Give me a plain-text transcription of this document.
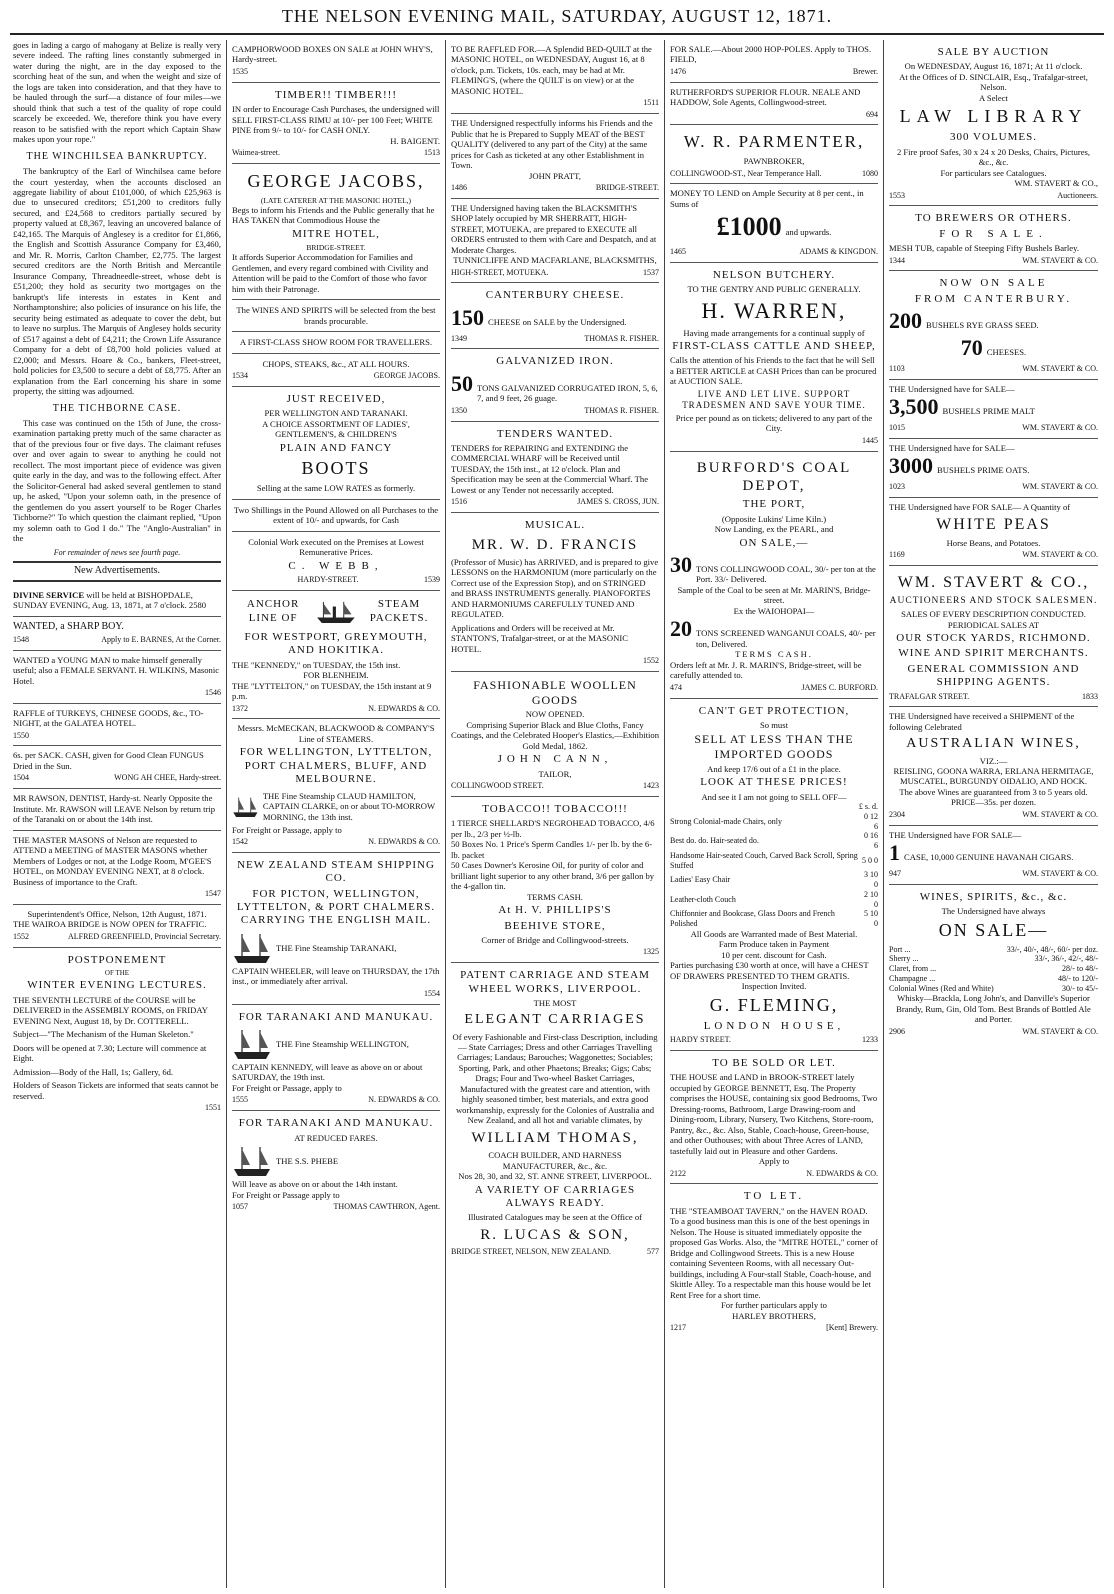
THE NELSON EVENING MAIL, SATURDAY, AUGUST 12, 1871.

goes in lading a cargo of mahogany at Belize is really very severe indeed. The rafting lines constantly submerged in water during the night, are in the day exposed to the scorching heat of the sun, and when the weight and size of the logs are taken into consideration, and that they have to be hauled through the surf—a distance of four miles—we should think that such a test of the quality of rope could scarcely be exceeded. We, therefore think you have every reason to be satisfied with the report which Captain Shaw makes upon your rope."

THE WINCHILSEA BANKRUPTCY.

The bankruptcy of the Earl of Winchilsea came before the court yesterday, when the accounts disclosed an aggregate liability of about £101,000, of which £25,963 is due to unsecured creditors; £51,200 to creditors fully secured, and £24,568 to creditors partially secured by property valued at £8,367, leaving an uncovered balance of £42,165. The Marquis of Anglesey is a creditor for £1,866, the English and Scottish Assurance Company for £3,460, and Mr. R. Morris, Carlton Chamber, £2,775. The largest secured creditors are the North British and Mercantile Insurance Company, Threadneedle-street, whose debt is £51,200; they hold as security two mortgages on the bankrupt's life interests in estates in Kent and Northamptonshire; also policies of insurance on his life, the security being estimated as adequate to cover the debt, but to leave no surplus. The Marquis of Anglesey holds security of £517 against a debt of £4,211; the Crown Life Assurance Company for a debt of £8,700 hold policies valued at £2,000; and Messrs. Hoare & Co., bankers, Fleet-street, hold policies for £3,500 to secure a debt of £8,775. After an explanation from the Earl concerning his share in some property, the sitting was adjourned.

THE TICHBORNE CASE.

This case was continued on the 15th of June, the cross-examination partaking pretty much of the same character as that of the previous four or five days. The claimant refuses over and over again to swear to anything he could not recollect. The most important piece of evidence was given quite early in the day, and was to the following effect. After the Solicitor-General had asked several gentlemen to stand up, he asked, "Upon your solemn oath, in the presence of the gentlemen do you assert yourself to be Roger Charles Tichborne?" To which question the claimant replied, "Upon my solemn oath to God I do." The "Anglo-Australian" in the

For remainder of news see fourth page.
New Advertisements.

DIVINE SERVICE will be held at BISHOPDALE, SUNDAY EVENING, Aug. 13, 1871, at 7 o'clock. 2580

WANTED, a SHARP BOY.

1548	Apply to E. BARNES, At the Corner.

WANTED a YOUNG MAN to make himself generally useful; also a FEMALE SERVANT. H. WILKINS, Masonic Hotel.

1546

RAFFLE of TURKEYS, CHINESE GOODS, &c., TO-NIGHT, at the GALATEA HOTEL.

1550

6s. per SACK. CASH, given for Good Clean FUNGUS Dried in the Sun.

1504	WONG AH CHEE, Hardy-street.

MR RAWSON, DENTIST, Hardy-st. Nearly Opposite the Institute. Mr. RAWSON will LEAVE Nelson by return trip of the Taranaki on or about the 14th inst.

THE MASTER MASONS of Nelson are requested to ATTEND a MEETING of MASTER MASONS whether Members of Lodges or not, at the Lodge Room, M'GEE'S HOTEL, on MONDAY EVENING NEXT, at 8 o'clock. Business of importance to the Craft.

1547

Superintendent's Office, Nelson, 12th August, 1871.

THE WAIROA BRIDGE is NOW OPEN for TRAFFIC.

1552	ALFRED GREENFIELD, Provincial Secretary.
POSTPONEMENT
OF THE
WINTER EVENING LECTURES.

THE SEVENTH LECTURE of the COURSE will be DELIVERED in the ASSEMBLY ROOMS, on FRIDAY EVENING Next, August 18, by Dr. COTTERELL.

Subject—"The Mechanism of the Human Skeleton."

Doors will be opened at 7.30; Lecture will commence at Eight.

Admission—Body of the Hall, 1s; Gallery, 6d.

Holders of Season Tickets are informed that seats cannot be reserved.

1551

CAMPHORWOOD BOXES ON SALE at JOHN WHY'S, Hardy-street.

1535
TIMBER!! TIMBER!!!

IN order to Encourage Cash Purchases, the undersigned will SELL FIRST-CLASS RIMU at 10/- per 100 Feet; WHITE PINE from 9/- to 10/- for CASH ONLY.

H. BAIGENT.

Waimea-street.	1513
GEORGE JACOBS,
(LATE CATERER AT THE MASONIC HOTEL,)

Begs to inform his Friends and the Public generally that he HAS TAKEN that Commodious House the

MITRE HOTEL,
BRIDGE-STREET.

It affords Superior Accommodation for Families and Gentlemen, and every regard combined with Civility and Attention will be paid to the Comfort of those who favor him with their Patronage.

The WINES AND SPIRITS will be selected from the best brands procurable.

A FIRST-CLASS SHOW ROOM FOR TRAVELLERS.

CHOPS, STEAKS, &c., AT ALL HOURS.

1534	GEORGE JACOBS.
JUST RECEIVED,
PER WELLINGTON AND TARANAKI.

A CHOICE ASSORTMENT OF LADIES', GENTLEMEN'S, & CHILDREN'S

PLAIN AND FANCY
BOOTS

Selling at the same LOW RATES as formerly.

Two Shillings in the Pound Allowed on all Purchases to the extent of 10/- and upwards, for Cash

Colonial Work executed on the Premises at Lowest Remunerative Prices.

C. WEBB,
HARDY-STREET.	1539
ANCHOR LINE OF
STEAM PACKETS.
FOR WESTPORT, GREYMOUTH, AND HOKITIKA.

THE "KENNEDY," on TUESDAY, the 15th inst.

FOR BLENHEIM.

THE "LYTTELTON," on TUESDAY, the 15th instant at 9 p.m.

1372	N. EDWARDS & CO.

Messrs. McMECKAN, BLACKWOOD & COMPANY'S Line of STEAMERS.

FOR WELLINGTON, LYTTELTON, PORT CHALMERS, BLUFF, AND MELBOURNE.

THE Fine Steamship CLAUD HAMILTON,

CAPTAIN CLARKE, on or about TO-MORROW MORNING, the 13th inst.

For Freight or Passage, apply to

1542	N. EDWARDS & CO.
NEW ZEALAND STEAM SHIPPING CO.
FOR PICTON, WELLINGTON, LYTTELTON, & PORT CHALMERS. CARRYING THE ENGLISH MAIL.

THE Fine Steamship TARANAKI,

CAPTAIN WHEELER, will leave on THURSDAY, the 17th inst., or immediately after arrival.

1554
FOR TARANAKI AND MANUKAU.

THE Fine Steamship WELLINGTON,

CAPTAIN KENNEDY, will leave as above on or about SATURDAY, the 19th inst.

For Freight or Passage, apply to

1555	N. EDWARDS & CO.
FOR TARANAKI AND MANUKAU.
AT REDUCED FARES.

THE S.S. PHEBE

Will leave as above on or about the 14th instant.

For Freight or Passage apply to

1057	THOMAS CAWTHRON, Agent.

TO BE RAFFLED FOR.—A Splendid BED-QUILT at the MASONIC HOTEL, on WEDNESDAY, August 16, at 8 o'clock, p.m. Tickets, 10s. each, may be had at Mr. FLEMING'S, (where the QUILT is on view) or at the MASONIC HOTEL.

1511

THE Undersigned respectfully informs his Friends and the Public that he is Prepared to Supply MEAT of the BEST QUALITY (delivered to any part of the City) at the same prices for Cash as ticketed at any other Establishment in Town.

JOHN PRATT,

1486	BRIDGE-STREET.

THE Undersigned having taken the BLACKSMITH'S SHOP lately occupied by MR SHERRATT, HIGH-STREET, MOTUEKA, are prepared to EXECUTE all ORDERS entrusted to them with Care and Despatch, and at Moderate Charges.

TUNNICLIFFE AND MACFARLANE, BLACKSMITHS,

HIGH-STREET, MOTUEKA.	1537
CANTERBURY CHEESE.
150 CHEESE on SALE by the Undersigned.
1349	THOMAS R. FISHER.
GALVANIZED IRON.
50 TONS GALVANIZED CORRUGATED IRON, 5, 6, 7, and 9 feet, 26 guage.
1350	THOMAS R. FISHER.
TENDERS WANTED.

TENDERS for REPAIRING and EXTENDING the COMMERCIAL WHARF will be Received until TUESDAY, the 15th inst., at 12 o'clock. Plan and Specification may be seen at the Commercial Wharf. The Lowest or any Tender not necessarily accepted.

1516	JAMES S. CROSS, JUN.
MUSICAL.
MR. W. D. FRANCIS

(Professor of Music) has ARRIVED, and is prepared to give LESSONS on the HARMONIUM (more particularly on the Correct use of the Expression Stop), and on STRINGED and BRASS INSTRUMENTS generally. PIANOFORTES AND HARMONIUMS CAREFULLY TUNED AND REGULATED.

Applications and Orders will be received at Mr. STANTON'S, Trafalgar-street, or at the MASONIC HOTEL.

1552
FASHIONABLE WOOLLEN GOODS
NOW OPENED.

Comprising Superior Black and Blue Cloths, Fancy Coatings, and the Celebrated Hooper's Elastics,—Exhibition Gold Medal, 1862.

JOHN CANN,
TAILOR,
COLLINGWOOD STREET.	1423
TOBACCO!! TOBACCO!!!

1 TIERCE SHELLARD'S NEGROHEAD TOBACCO, 4/6 per lb., 2/3 per ½-lb.

50 Boxes No. 1 Price's Sperm Candles 1/- per lb. by the 6-lb. packet

50 Cases Downer's Kerosine Oil, for purity of color and brilliant light superior to any other brand, 3/6 per gallon by the 4-gallon tin.

TERMS CASH.
At H. V. PHILLIPS'S
BEEHIVE STORE,

Corner of Bridge and Collingwood-streets.

1325
PATENT CARRIAGE AND STEAM WHEEL WORKS, LIVERPOOL.
THE MOST
ELEGANT CARRIAGES

Of every Fashionable and First-class Description, including— State Carriages; Dress and other Carriages Travelling Carriages; Landaus; Barouches; Waggonettes; Sociables; Sporting, Park, and other Phaetons; Breaks; Gigs; Cabs; Drags; Four and Two-wheel Basket Carriages, Manufactured with the greatest care and attention, with highly seasoned timber, best materials, and extra good workmanship, expressly for the Colonies of Australia and New Zealand, and all hot and variable climates, by

WILLIAM THOMAS,
COACH BUILDER, AND HARNESS MANUFACTURER, &c., &c.
Nos 28, 30, and 32, ST. ANNE STREET, LIVERPOOL.
A VARIETY OF CARRIAGES ALWAYS READY.

Illustrated Catalogues may be seen at the Office of

R. LUCAS & SON,
BRIDGE STREET, NELSON, NEW ZEALAND.	577

FOR SALE.—About 2000 HOP-POLES. Apply to THOS. FIELD,

1476	Brewer.

RUTHERFORD'S SUPERIOR FLOUR. NEALE AND HADDOW, Sole Agents, Collingwood-street.

694
W. R. PARMENTER,
PAWNBROKER,
COLLINGWOOD-ST., Near Temperance Hall.	1080

MONEY TO LEND on Ample Security at 8 per cent., in Sums of

£1000 and upwards.
1465	ADAMS & KINGDON.
NELSON BUTCHERY.
TO THE GENTRY AND PUBLIC GENERALLY.
H. WARREN,

Having made arrangements for a continual supply of

FIRST-CLASS CATTLE AND SHEEP,

Calls the attention of his Friends to the fact that he will Sell a BETTER ARTICLE at CASH Prices than can be procured at AUCTION SALE.

LIVE AND LET LIVE. SUPPORT TRADESMEN AND SAVE YOUR TIME.

Price per pound as on tickets; delivered to any part of the City.

1445
BURFORD'S COAL DEPOT,
THE PORT,
(Opposite Lukins' Lime Kiln.)
Now Landing, ex the PEARL, and
ON SALE,—
30 TONS COLLINGWOOD COAL, 30/- per ton at the Port. 33/- Delivered.

Sample of the Coal to be seen at Mr. MARIN'S, Bridge-street.

Ex the WAIOHOPAI—
20 TONS SCREENED WANGANUI COALS, 40/- per ton, Delivered.
TERMS CASH.

Orders left at Mr. J. R. MARIN'S, Bridge-street, will be carefully attended to.

474	JAMES C. BURFORD.
CAN'T GET PROTECTION,
So must
SELL AT LESS THAN THE IMPORTED GOODS
And keep 17/6 out of a £1 in the place.
LOOK AT THESE PRICES!
And see it I am not going to SELL OFF—
£ s. d.
Strong Colonial-made Chairs, only	0 12 6
Best do. do. Hair-seated do.	0 16 6
Handsome Hair-seated Couch, Carved Back Scroll, Spring Stuffed	5 0 0
Ladies' Easy Chair	3 10 0
Leather-cloth Couch	2 10 0
Chiffonnier and Bookcase, Glass Doors and French Polished	5 10 0

All Goods are Warranted made of Best Material.

Farm Produce taken in Payment

10 per cent. discount for Cash.

Parties purchasing £30 worth at once, will have a CHEST OF DRAWERS PRESENTED TO THEM GRATIS.

Inspection Invited.
G. FLEMING,
LONDON HOUSE,
HARDY STREET.	1233
TO BE SOLD OR LET.

THE HOUSE and LAND in BROOK-STREET lately occupied by GEORGE BENNETT, Esq. The Property comprises the HOUSE, containing six good Bedrooms, Two Dressing-rooms, Bathroom, Large Drawing-room and Dining-room, Library, Nursery, Two Kitchens, Store-room, Pantry, &c., &c. Also, Stable, Coach-house, Green-house, and other Outhouses; with about Three Acres of LAND, tastefully laid out in Pleasure and other Gardens.

Apply to
2122	N. EDWARDS & CO.
TO LET.

THE "STEAMBOAT TAVERN," on the HAVEN ROAD. To a good business man this is one of the best openings in Nelson. The House is situated immediately opposite the proposed Gas Works. Also, the "MITRE HOTEL," corner of Bridge and Collingwood Streets. This is a new House containing Seventeen Rooms, with all necessary Out-buildings, including A Four-stall Stable, Coach-house, and Skittle Alley. To a respectable man this house would be let Rent Free for a short time.

For further particulars apply to
HARLEY BROTHERS,
1217	[Kent] Brewery.
SALE BY AUCTION

On WEDNESDAY, August 16, 1871; At 11 o'clock.

At the Offices of D. SINCLAIR, Esq., Trafalgar-street, Nelson.

A Select
LAW LIBRARY
300 VOLUMES.

2 Fire proof Safes, 30 x 24 x 20 Desks, Chairs, Pictures, &c., &c.

For particulars see Catalogues.

WM. STAVERT & CO.,

1553	Auctioneers.
TO BREWERS OR OTHERS.
FOR SALE.

MESH TUB, capable of Steeping Fifty Bushels Barley.

1344	WM. STAVERT & CO.
NOW ON SALE
FROM CANTERBURY.
200 BUSHELS RYE GRASS SEED.
70 CHEESES.
1103	WM. STAVERT & CO.

THE Undersigned have for SALE—

3,500 BUSHELS PRIME MALT
1015	WM. STAVERT & CO.

THE Undersigned have for SALE—

3000 BUSHELS PRIME OATS.
1023	WM. STAVERT & CO.

THE Undersigned have FOR SALE— A Quantity of

WHITE PEAS

Horse Beans, and Potatoes.

1169	WM. STAVERT & CO.
WM. STAVERT & CO.,
AUCTIONEERS AND STOCK SALESMEN.
SALES OF EVERY DESCRIPTION CONDUCTED.
PERIODICAL SALES AT
OUR STOCK YARDS, RICHMOND.
WINE AND SPIRIT MERCHANTS.
GENERAL COMMISSION AND SHIPPING AGENTS.
TRAFALGAR STREET.	1833

THE Undersigned have received a SHIPMENT of the following Celebrated

AUSTRALIAN WINES,
VIZ.:—

REISLING, GOONA WARRA, ERLANA HERMITAGE, MUSCATEL, BURGUNDY OIDALIO, AND HOCK.

The above Wines are guaranteed from 3 to 5 years old.

PRICE—35s. per dozen.

2304	WM. STAVERT & CO.

THE Undersigned have FOR SALE—

1 CASE, 10,000 GENUINE HAVANAH CIGARS.
947	WM. STAVERT & CO.
WINES, SPIRITS, &c., &c.
The Undersigned have always
ON SALE—
Port ...	33/-, 40/-, 48/-, 60/- per doz.
Sherry ...	33/-, 36/-, 42/-, 48/-
Claret, from ...	28/- to 48/-
Champagne ...	48/- to 120/-
Colonial Wines (Red and White)	30/- to 45/-

Whisky—Brackla, Long John's, and Danville's Superior Brandy, Rum, Gin, Old Tom. Best Brands of Bottled Ale and Porter.

2906	WM. STAVERT & CO.
